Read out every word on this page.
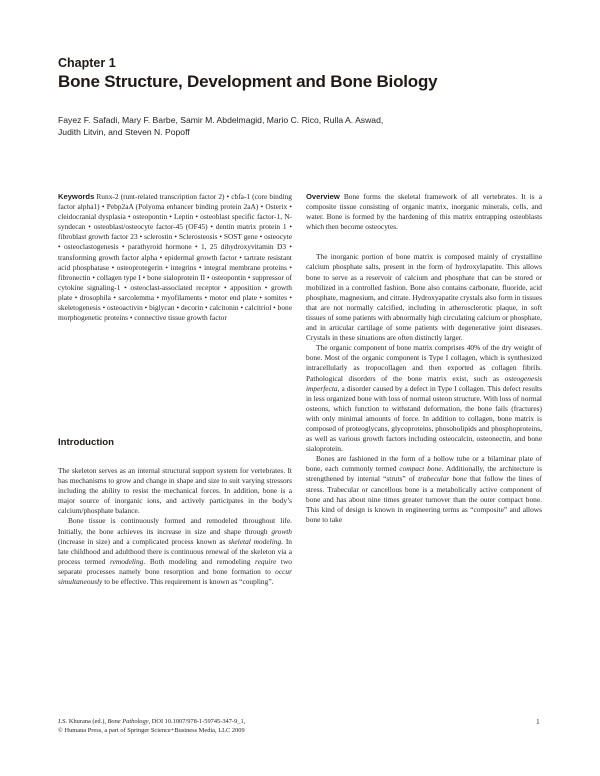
Chapter 1
Bone Structure, Development and Bone Biology
Fayez F. Safadi, Mary F. Barbe, Samir M. Abdelmagid, Mario C. Rico, Rulla A. Aswad,
Judith Litvin, and Steven N. Popoff

Keywords Runx-2 (runt-related transcription factor 2) • cbfa-1 (core binding factor alpha1) • Pebp2aA (Polyoma enhancer binding protein 2aA) • Osterix • cleidocranial dysplasia • osteopontin • Leptin • osteoblast specific factor-1, N-syndecan • osteoblast/osteocyte factor-45 (OF45) • dentin matrix protein 1 • fibroblast growth factor 23 • sclerostin • Sclerosteosis • SOST gene • osteocyte • osteoclastogenesis • parathyroid hormone • 1, 25 dihydroxyvitamin D3 • transforming growth factor alpha • epidermal growth factor • tartrate resistant acid phosphatase • osteoprotegerin • integrins • integral membrane proteins • fibronectin • collagen type I • bone sialoprotein II • osteopontin • suppressor of cytokine signaling-1 • osteoclast-associated receptor • apposition • growth plate • drosophila • sarcolemma • myofilaments • motor end plate • somites • skeletogenesis • osteoactivin • biglycan • decorin • calcitonin • calcitriol • bone morphogenetic proteins • connective tissue growth factor

Introduction

The skeleton serves as an internal structural support system for vertebrates. It has mechanisms to grow and change in shape and size to suit varying stressors including the ability to resist the mechanical forces. In addition, bone is a major source of inorganic ions, and actively participates in the body’s calcium/phosphate balance.

Bone tissue is continuously formed and remodeled throughout life. Initially, the bone achieves its increase in size and shape through growth (increase in size) and a complicated process known as skeletal modeling. In late childhood and adulthood there is continuous renewal of the skeleton via a process termed remodeling. Both modeling and remodeling require two separate processes namely bone resorption and bone formation to occur simultaneously to be effective. This requirement is known as “coupling”.

Overview Bone forms the skeletal framework of all vertebrates. It is a composite tissue consisting of organic matrix, inorganic minerals, cells, and water. Bone is formed by the hardening of this matrix entrapping osteoblasts which then become osteocytes.

The inorganic portion of bone matrix is composed mainly of crystalline calcium phosphate salts, present in the form of hydroxylapatite. This allows bone to serve as a reservoir of calcium and phosphate that can be stored or mobilized in a controlled fashion. Bone also contains carbonate, fluoride, acid phosphate, magnesium, and citrate. Hydroxyapatite crystals also form in tissues that are not normally calcified, including in atherosclerotic plaque, in soft tissues of some patients with abnormally high circulating calcium or phosphate, and in articular cartilage of some patients with degenerative joint diseases. Crystals in these situations are often distinctly larger.

The organic component of bone matrix comprises 40% of the dry weight of bone. Most of the organic component is Type I collagen, which is synthesized intracellularly as tropocollagen and then exported as collagen fibrils. Pathological disorders of the bone matrix exist, such as osteogenesis imperfecta, a disorder caused by a defect in Type I collagen. This defect results in less organized bone with loss of normal osteon structure. With loss of normal osteons, which function to withstand deformation, the bone fails (fractures) with only minimal amounts of force. In addition to collagen, bone matrix is composed of proteoglycans, glycoproteins, phosoholipids and phosphoproteins, as well as various growth factors including osteocalcin, osteonectin, and bone sialoprotein.

Bones are fashioned in the form of a hollow tube or a bilaminar plate of bone, each commonly termed compact bone. Additionally, the architecture is strengthened by internal “struts” of trabecular bone that follow the lines of stress. Trabecular or cancellous bone is a metabolically active component of bone and has about nine times greater turnover than the outer compact bone. This kind of design is known in engineering terms as “composite” and allows bone to take

J.S. Khurana (ed.), Bone Pathology, DOI 10.1007/978-1-59745-347-9_1,
© Humana Press, a part of Springer Science+Business Media, LLC 2009
1
